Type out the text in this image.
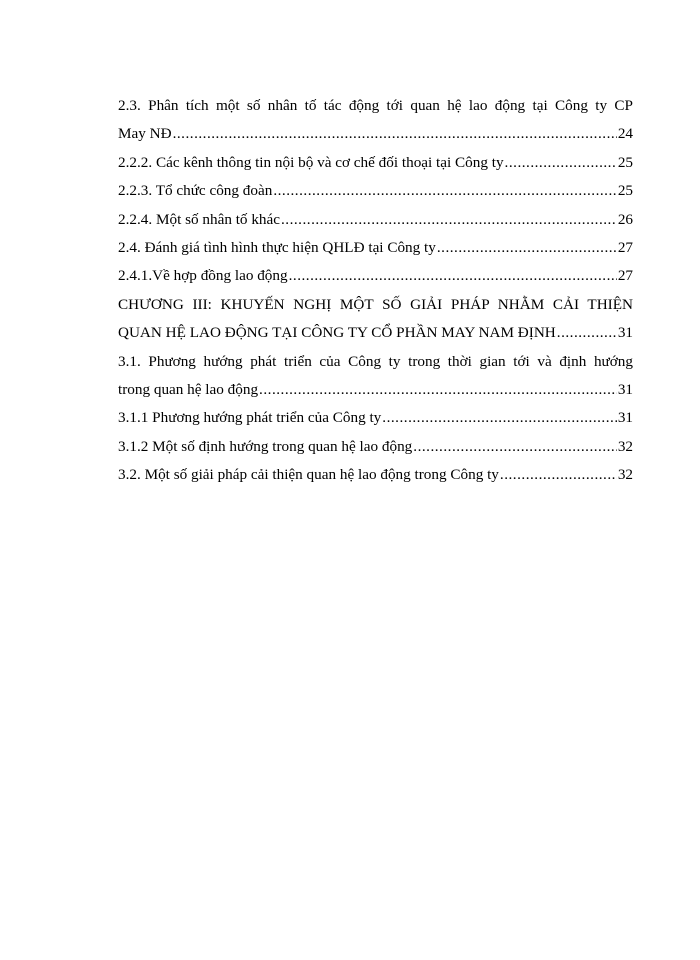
2.3. Phân tích một số nhân tố tác động tới quan hệ lao động tại Công ty CP
May NĐ .....	24
2.2.2. Các kênh thông tin nội bộ và cơ chế đối thoại tại Công ty .....	25
2.2.3. Tổ chức công đoàn .....	25
2.2.4. Một số nhân tố khác .....	26
2.4. Đánh giá tình hình thực hiện QHLĐ tại Công ty .....	27
2.4.1.Về hợp đồng lao động .....	27
CHƯƠNG III: KHUYẾN NGHỊ MỘT SỐ GIẢI PHÁP NHẰM CẢI THIỆN
QUAN HỆ LAO ĐỘNG TẠI CÔNG TY CỔ PHẦN MAY NAM ĐỊNH .....	31
3.1. Phương hướng phát triển của Công ty trong thời gian tới và định hướng
trong quan hệ lao động .....	31
3.1.1 Phương hướng phát triển của Công ty .....	31
3.1.2 Một số định hướng trong quan hệ lao động .....	32
3.2. Một số giải pháp cải thiện quan hệ lao động trong Công ty .....	32
